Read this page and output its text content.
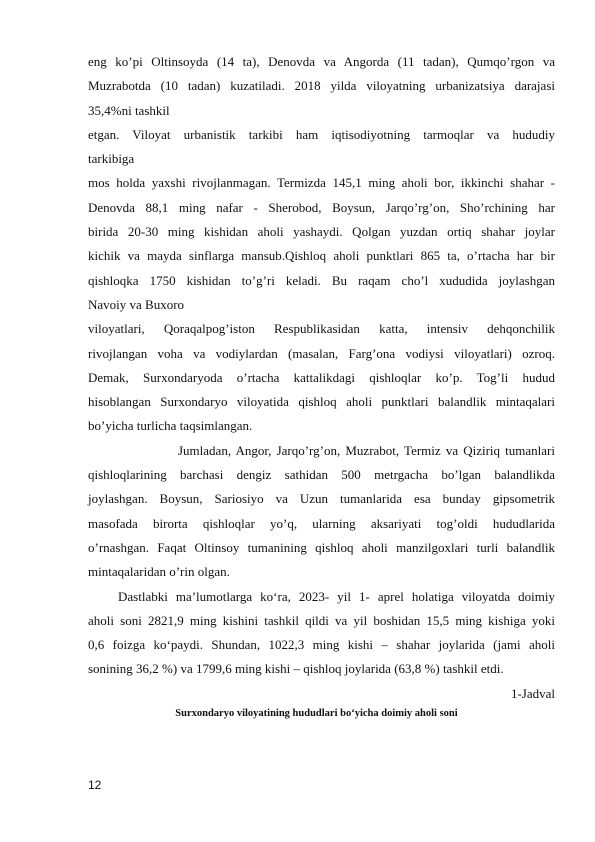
eng ko’pi Oltinsoyda (14 ta), Denovda va Angorda (11 tadan), Qumqo’rgon va

Muzrabotda (10 tadan) kuzatiladi. 2018 yilda viloyatning urbanizatsiya darajasi

35,4%ni tashkil

etgan. Viloyat urbanistik tarkibi ham iqtisodiyotning tarmoqlar va hududiy

tarkibiga

mos holda yaxshi rivojlanmagan. Termizda 145,1 ming aholi bor, ikkinchi shahar -

Denovda 88,1 ming nafar - Sherobod, Boysun, Jarqo’rg’on, Sho’rchining har

birida 20-30 ming kishidan aholi yashaydi. Qolgan yuzdan ortiq shahar joylar

kichik va mayda sinflarga mansub.Qishloq aholi punktlari 865 ta, o’rtacha har bir

qishloqka 1750 kishidan to’g’ri keladi. Bu raqam cho’l xududida joylashgan

Navoiy va Buxoro

viloyatlari, Qoraqalpog’iston Respublikasidan katta, intensiv dehqonchilik

rivojlangan voha va vodiylardan (masalan, Farg’ona vodiysi viloyatlari) ozroq.

Demak, Surxondaryoda o’rtacha kattalikdagi qishloqlar ko’p. Tog’li hudud

hisoblangan Surxondaryo viloyatida qishloq aholi punktlari balandlik mintaqalari

bo’yicha turlicha taqsimlangan.

Jumladan, Angor, Jarqo’rg’on, Muzrabot, Termiz va Qiziriq tumanlari

qishloqlarining barchasi dengiz sathidan 500 metrgacha bo’lgan balandlikda

joylashgan. Boysun, Sariosiyo va Uzun tumanlarida esa bunday gipsometrik

masofada birorta qishloqlar yo’q, ularning aksariyati tog’oldi hududlarida

o’rnashgan. Faqat Oltinsoy tumanining qishloq aholi manzilgoxlari turli balandlik

mintaqalaridan o’rin olgan.

Dastlabki ma’lumotlarga ko‘ra, 2023- yil 1- aprel holatiga viloyatda doimiy

aholi soni 2821,9 ming kishini tashkil qildi va yil boshidan 15,5 ming kishiga yoki

0,6 foizga ko‘paydi. Shundan, 1022,3 ming kishi – shahar joylarida (jami aholi

sonining 36,2 %) va 1799,6 ming kishi – qishloq joylarida (63,8 %) tashkil etdi.

1-Jadval

Surxondaryo viloyatining hududlari bo‘yicha doimiy aholi soni

12
